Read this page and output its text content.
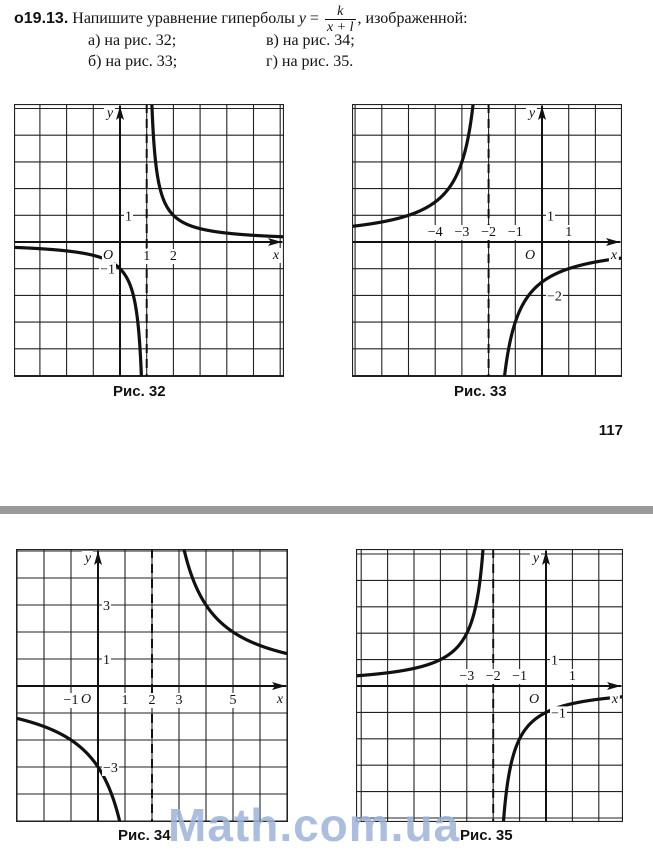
o19.13. Напишите уравнение гиперболы $y = \frac{k}{x + l}$ , изображенной:
а) на рис. 32;
б) на рис. 33;
в) на рис. 34;
г) на рис. 35.
1 2
1
−1
O	x
y
−4 −3 −2 −1	1
1
−2
O	x
y
−1	1 2 3	5
3
1
−3
O	x
y
−3 −2 −1	1
1
−1
O	x
y
Рис. 32	Рис. 33
117
Рис. 34	Рис. 35
Math.com.ua
